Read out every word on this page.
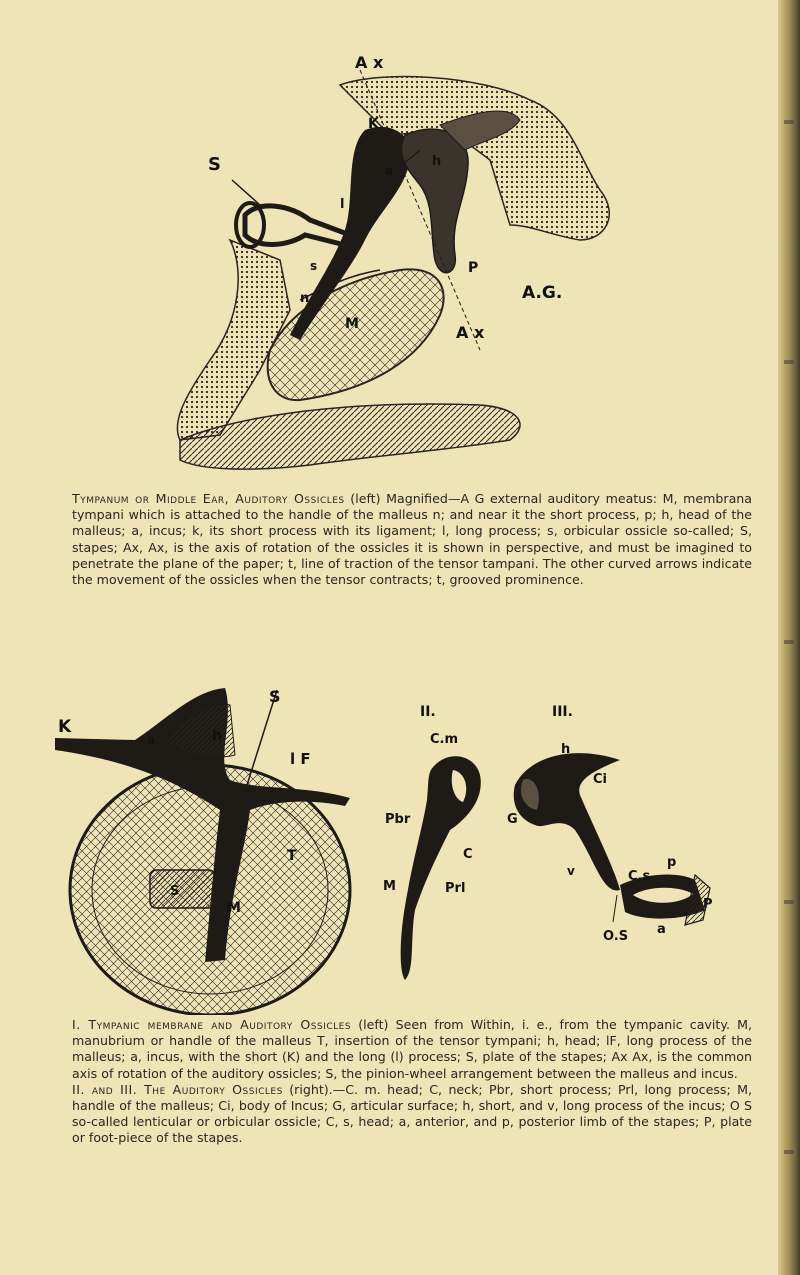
A x
S
K
h
a
l
s
n
M
P
A.G.
A x

Tympanum or Middle Ear, Auditory Ossicles (left) Magnified—A G external auditory meatus: M, membrana tympani which is attached to the handle of the malleus n; and near it the short process, p; h, head of the malleus; a, incus; k, its short process with its ligament; l, long process; s, orbicular ossicle so-called; S, stapes; Ax, Ax, is the axis of rotation of the ossicles it is shown in perspective, and must be imagined to penetrate the plane of the paper; t, line of traction of the tensor tampani. The other curved arrows indicate the movement of the ossicles when the tensor contracts; t, grooved prominence.

K
a	h
S
l F
T
S
M
II.
C.m
Pbr
C
M	Prl
III.
h
Ci
G
v	C.s
p
P
O.S a

I. Tympanic membrane and Auditory Ossicles (left) Seen from Within, i. e., from the tympanic cavity. M, manubrium or handle of the malleus T, insertion of the tensor tympani; h, head; lF, long process of the malleus; a, incus, with the short (K) and the long (l) process; S, plate of the stapes; Ax Ax, is the common axis of rotation of the auditory ossicles; S, the pinion-wheel arrangement between the malleus and incus.

II. and III. The Auditory Ossicles (right).—C. m. head; C, neck; Pbr, short process; Prl, long process; M, handle of the malleus; Ci, body of Incus; G, articular surface; h, short, and v, long process of the incus; O S so-called lenticular or orbicular ossicle; C, s, head; a, anterior, and p, posterior limb of the stapes; P, plate or foot-piece of the stapes.
